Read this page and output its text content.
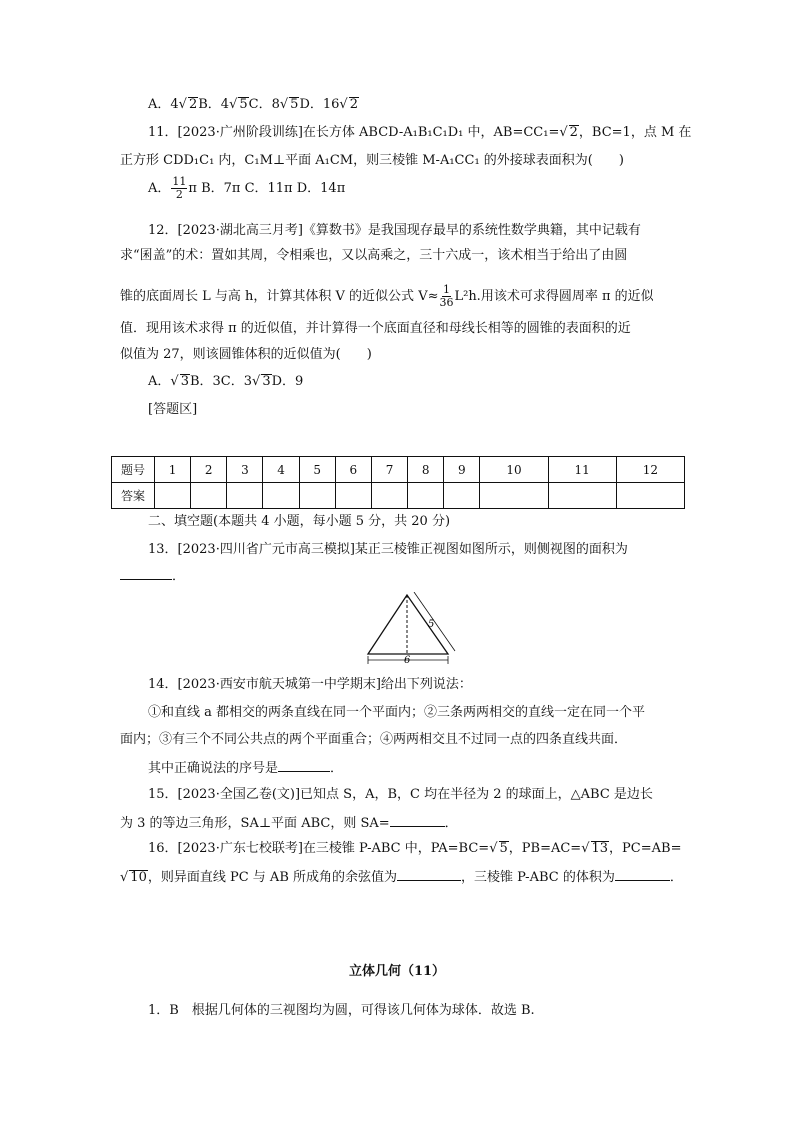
A．4√ 2B．4√ 5C．8√ 5D．16√ 2
11．[2023·广州阶段训练]在长方体 ABCD-A₁B₁C₁D₁ 中，AB=CC₁=√ 2，BC=1，点 M 在
正方形 CDD₁C₁ 内，C₁M⊥平面 A₁CM，则三棱锥 M-A₁CC₁ 的外接球表面积为(　　)
A． $\frac{11}{2}$ π B．7π C．11π D．14π
12．[2023·湖北高三月考]《算数书》是我国现存最早的系统性数学典籍，其中记载有
求“囷盖”的术：置如其周，令相乘也，又以高乘之，三十六成一，该术相当于给出了由圆
锥的底面周长 L 与高 h，计算其体积 V 的近似公式 $V\approx \frac{1}{36} L^2h$.用该术可求得圆周率 π 的近似
值．现用该术求得 π 的近似值，并计算得一个底面直径和母线长相等的圆锥的表面积的近
似值为 27，则该圆锥体积的近似值为(　　)
A．√ 3B．3C．3√ 3D．9
[答题区]
题号	1	2	3	4	5	6	7	8	9	10	11	12
答案												
二、填空题(本题共 4 小题，每小题 5 分，共 20 分)
13．[2023·四川省广元市高三模拟]某正三棱锥正视图如图所示，则侧视图的面积为
．
5
6
14．[2023·西安市航天城第一中学期末]给出下列说法：
①和直线 a 都相交的两条直线在同一个平面内；②三条两两相交的直线一定在同一个平
面内；③有三个不同公共点的两个平面重合；④两两相交且不过同一点的四条直线共面．
其中正确说法的序号是	．
15．[2023·全国乙卷(文)]已知点 S，A，B，C 均在半径为 2 的球面上，△ABC 是边长
为 3 的等边三角形，SA⊥平面 ABC，则 SA=	．
16．[2023·广东七校联考]在三棱锥 P-ABC 中，PA=BC=√ 5，PB=AC=√ 13，PC=AB=
√ 10，则异面直线 PC 与 AB 所成角的余弦值为	，三棱锥 P-ABC 的体积为	．
立体几何（11）
1．B　根据几何体的三视图均为圆，可得该几何体为球体．故选 B.
